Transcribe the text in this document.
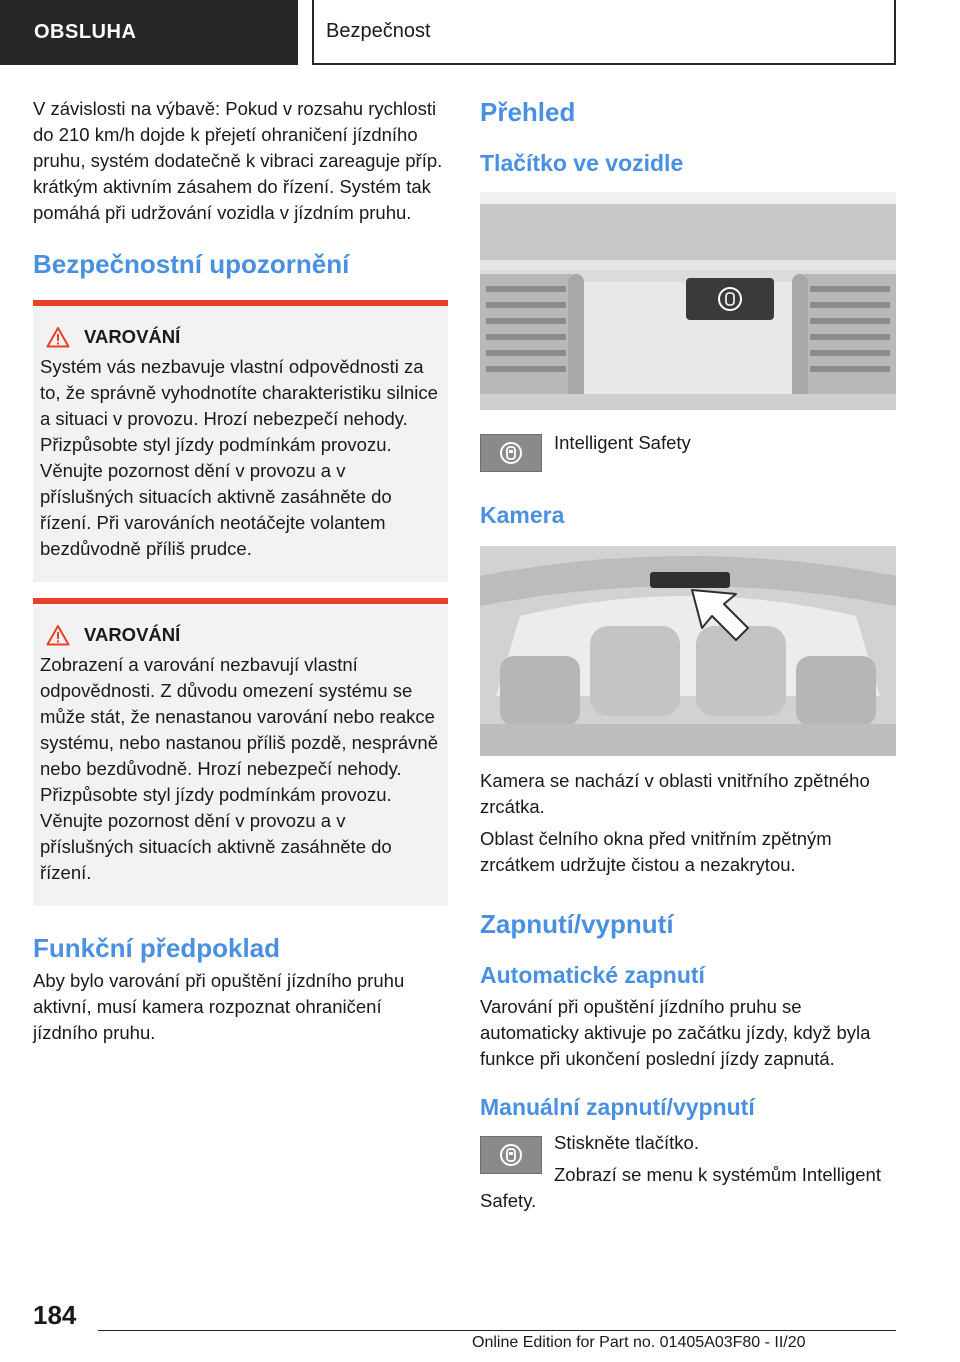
OBSLUHA	Bezpečnost

V závislosti na výbavě: Pokud v rozsahu rychlosti do 210 km/h dojde k přejetí ohraničení jízdního pruhu, systém dodatečně k vibraci zareaguje příp. krátkým aktivním zásahem do řízení. Systém tak pomáhá při udržování vozidla v jízdním pruhu.

Bezpečnostní upozornění
VAROVÁNÍ

Systém vás nezbavuje vlastní odpovědnosti za to, že správně vyhodnotíte charakteristiku silnice a situaci v provozu. Hrozí nebezpečí nehody. Přizpůsobte styl jízdy podmínkám provozu. Věnujte pozornost dění v provozu a v příslušných situacích aktivně zasáhněte do řízení. Při varováních neotáčejte volantem bezdůvodně příliš prudce.

VAROVÁNÍ

Zobrazení a varování nezbavují vlastní odpovědnosti. Z důvodu omezení systému se může stát, že nenastanou varování nebo reakce systému, nebo nastanou příliš pozdě, nesprávně nebo bezdůvodně. Hrozí nebezpečí nehody. Přizpůsobte styl jízdy podmínkám provozu. Věnujte pozornost dění v provozu a v příslušných situacích aktivně zasáhněte do řízení.

Funkční předpoklad

Aby bylo varování při opuštění jízdního pruhu aktivní, musí kamera rozpoznat ohraničení jízdního pruhu.

Přehled
Tlačítko ve vozidle
Intelligent Safety
Kamera

Kamera se nachází v oblasti vnitřního zpětného zrcátka.

Oblast čelního okna před vnitřním zpětným zrcátkem udržujte čistou a nezakrytou.

Zapnutí/vypnutí
Automatické zapnutí

Varování při opuštění jízdního pruhu se automaticky aktivuje po začátku jízdy, když byla funkce při ukončení poslední jízdy zapnutá.

Manuální zapnutí/vypnutí

Stiskněte tlačítko.

Zobrazí se menu k systémům Intelligent Safety.

184
Online Edition for Part no. 01405A03F80 - II/20
